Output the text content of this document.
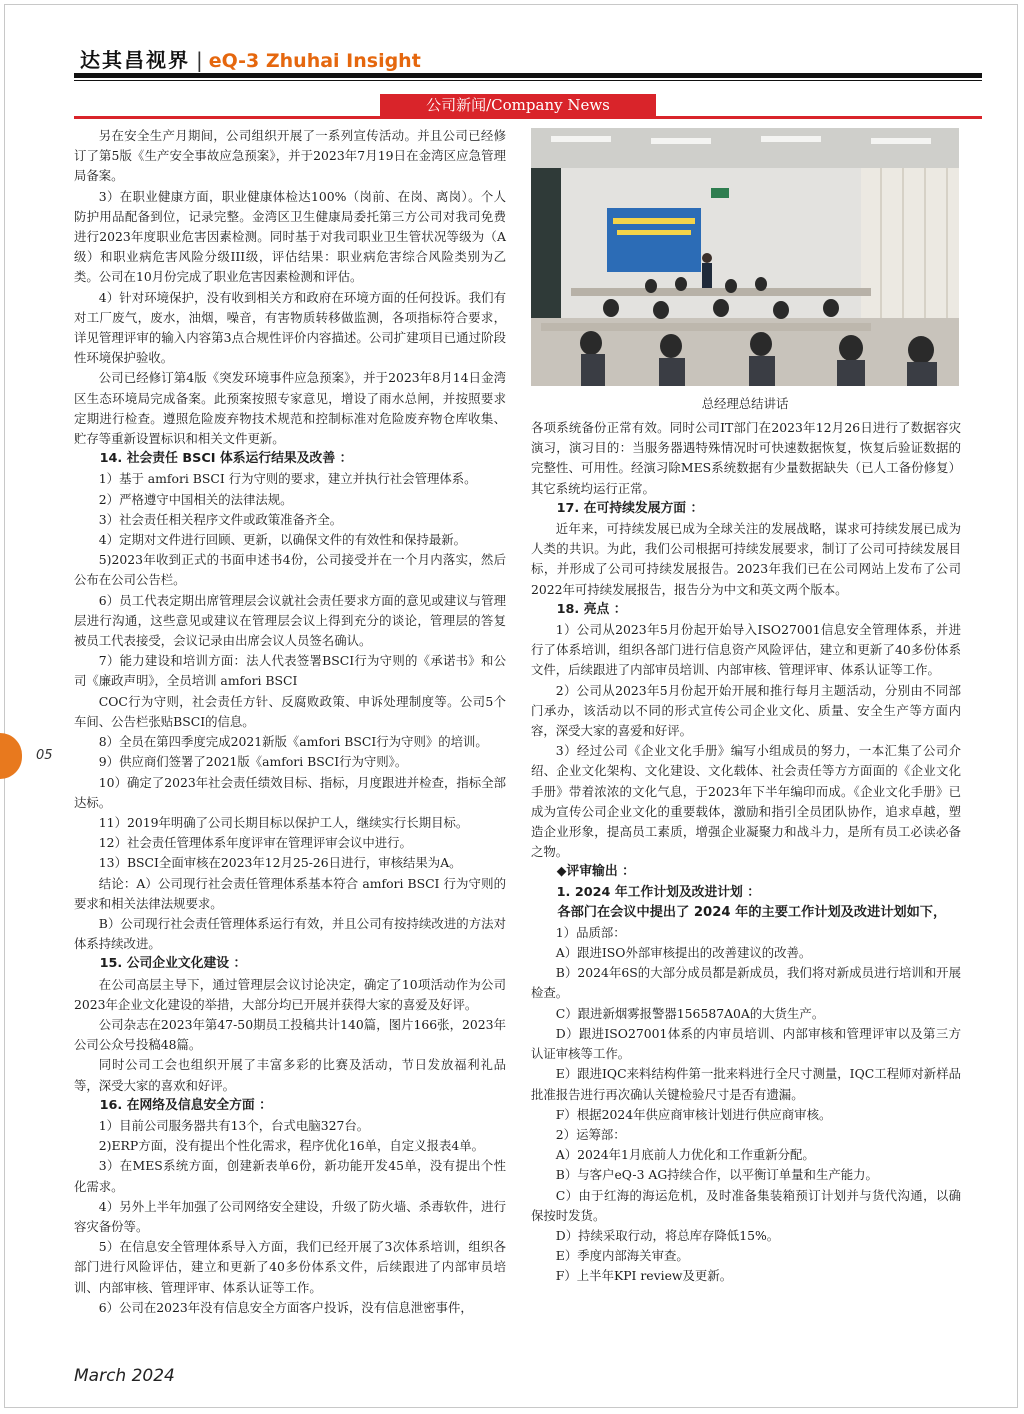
达其昌视界 | eQ-3 Zhuhai Insight
公司新闻/Company News

另在安全生产月期间，公司组织开展了一系列宣传活动。并且公司已经修订了第5版《生产安全事故应急预案》，并于2023年7月19日在金湾区应急管理局备案。

3）在职业健康方面，职业健康体检达100%（岗前、在岗、离岗）。个人防护用品配备到位，记录完整。金湾区卫生健康局委托第三方公司对我司免费进行2023年度职业危害因素检测。同时基于对我司职业卫生管状况等级为（A级）和职业病危害风险分级III级，评估结果：职业病危害综合风险类别为乙类。公司在10月份完成了职业危害因素检测和评估。

4）针对环境保护，没有收到相关方和政府在环境方面的任何投诉。我们有对工厂废气，废水，油烟，噪音，有害物质转移做监测，各项指标符合要求，详见管理评审的输入内容第3点合规性评价内容描述。公司扩建项目已通过阶段性环境保护验收。

公司已经修订第4版《突发环境事件应急预案》，并于2023年8月14日金湾区生态环境局完成备案。此预案按照专家意见，增设了雨水总闸，并按照要求定期进行检查。遵照危险废弃物技术规范和控制标准对危险废弃物仓库收集、贮存等重新设置标识和相关文件更新。

14. 社会责任 BSCI 体系运行结果及改善 ：

1）基于 amfori BSCI 行为守则的要求，建立并执行社会管理体系。

2）严格遵守中国相关的法律法规。

3）社会责任相关程序文件或政策准备齐全。

4）定期对文件进行回顾、更新，以确保文件的有效性和保持最新。

5)2023年收到正式的书面申述书4份，公司接受并在一个月内落实，然后公布在公司公告栏。

6）员工代表定期出席管理层会议就社会责任要求方面的意见或建议与管理层进行沟通，这些意见或建议在管理层会议上得到充分的谈论，管理层的答复被员工代表接受，会议记录由出席会议人员签名确认。

7）能力建设和培训方面：法人代表签署BSCI行为守则的《承诺书》和公司《廉政声明》，全员培训 amfori BSCI

COC行为守则，社会责任方针、反腐败政策、申诉处理制度等。公司5个车间、公告栏张贴BSCI的信息。

8）全员在第四季度完成2021新版《amfori BSCI行为守则》的培训。

9）供应商们签署了2021版《amfori BSCI行为守则》。

10）确定了2023年社会责任绩效目标、指标，月度跟进并检查，指标全部达标。

11）2019年明确了公司长期目标以保护工人，继续实行长期目标。

12）社会责任管理体系年度评审在管理评审会议中进行。

13）BSCI全面审核在2023年12月25-26日进行，审核结果为A。

结论：A）公司现行社会责任管理体系基本符合 amfori BSCI 行为守则的要求和相关法律法规要求。

B）公司现行社会责任管理体系运行有效，并且公司有按持续改进的方法对体系持续改进。

15. 公司企业文化建设 ：

在公司高层主导下，通过管理层会议讨论决定，确定了10项活动作为公司2023年企业文化建设的举措，大部分均已开展并获得大家的喜爱及好评。

公司杂志在2023年第47-50期员工投稿共计140篇，图片166张，2023年公司公众号投稿48篇。

同时公司工会也组织开展了丰富多彩的比赛及活动，节日发放福利礼品等，深受大家的喜欢和好评。

16. 在网络及信息安全方面 ：

1）目前公司服务器共有13个，台式电脑327台。

2)ERP方面，没有提出个性化需求，程序优化16单，自定义报表4单。

3）在MES系统方面，创建新表单6份，新功能开发45单，没有提出个性化需求。

4）另外上半年加强了公司网络安全建设，升级了防火墙、杀毒软件，进行容灾备份等。

5）在信息安全管理体系导入方面，我们已经开展了3次体系培训，组织各部门进行风险评估，建立和更新了40多份体系文件，后续跟进了内部审员培训、内部审核、管理评审、体系认证等工作。

6）公司在2023年没有信息安全方面客户投诉，没有信息泄密事件，

总经理总结讲话

各项系统备份正常有效。同时公司IT部门在2023年12月26日进行了数据容灾演习，演习目的：当服务器遇特殊情况时可快速数据恢复，恢复后验证数据的完整性、可用性。经演习除MES系统数据有少量数据缺失（已人工备份修复）其它系统均运行正常。

17. 在可持续发展方面 ：

近年来，可持续发展已成为全球关注的发展战略，谋求可持续发展已成为人类的共识。为此，我们公司根据可持续发展要求，制订了公司可持续发展目标，并形成了公司可持续发展报告。2023年我们已在公司网站上发布了公司2022年可持续发展报告，报告分为中文和英文两个版本。

18. 亮点 ：

1）公司从2023年5月份起开始导入ISO27001信息安全管理体系，并进行了体系培训，组织各部门进行信息资产风险评估，建立和更新了40多份体系文件，后续跟进了内部审员培训、内部审核、管理评审、体系认证等工作。

2）公司从2023年5月份起开始开展和推行每月主题活动，分别由不同部门承办，该活动以不同的形式宣传公司企业文化、质量、安全生产等方面内容，深受大家的喜爱和好评。

3）经过公司《企业文化手册》编写小组成员的努力，一本汇集了公司介绍、企业文化架构、文化建设、文化载体、社会责任等方方面面的《企业文化手册》带着浓浓的文化气息，于2023年下半年编印而成。《企业文化手册》已成为宣传公司企业文化的重要载体，激励和指引全员团队协作，追求卓越，塑造企业形象，提高员工素质，增强企业凝聚力和战斗力，是所有员工必读必备之物。

◆评审输出 ：

1. 2024 年工作计划及改进计划 ：

各部门在会议中提出了 2024 年的主要工作计划及改进计划如下，

1）品质部：

A）跟进ISO外部审核提出的改善建议的改善。

B）2024年6S的大部分成员都是新成员，我们将对新成员进行培训和开展检查。

C）跟进新烟雾报警器156587A0A的大货生产。

D）跟进ISO27001体系的内审员培训、内部审核和管理评审以及第三方认证审核等工作。

E）跟进IQC来料结构件第一批来料进行全尺寸测量，IQC工程师对新样品批准报告进行再次确认关键检验尺寸是否有遗漏。

F）根据2024年供应商审核计划进行供应商审核。

2）运筹部：

A）2024年1月底前人力优化和工作重新分配。

B）与客户eQ-3 AG持续合作，以平衡订单量和生产能力。

C）由于红海的海运危机，及时准备集装箱预订计划并与货代沟通，以确保按时发货。

D）持续采取行动，将总库存降低15%。

E）季度内部海关审查。

F）上半年KPI review及更新。

05
March 2024
